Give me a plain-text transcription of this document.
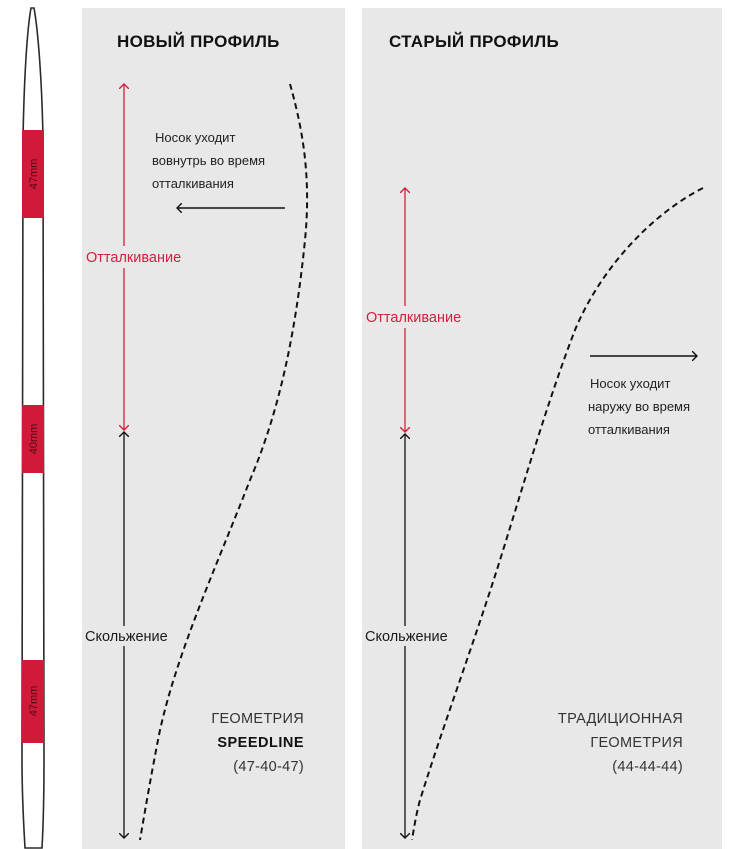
47mm
40mm
47mm
НОВЫЙ ПРОФИЛЬ
Носок уходит
вовнутрь во время
отталкивания
Отталкивание
Скольжение
ГЕОМЕТРИЯ
SPEEDLINE
(47-40-47)
СТАРЫЙ ПРОФИЛЬ
Носок уходит
наружу во время
отталкивания
Отталкивание
Скольжение
ТРАДИЦИОННАЯ
ГЕОМЕТРИЯ
(44-44-44)
